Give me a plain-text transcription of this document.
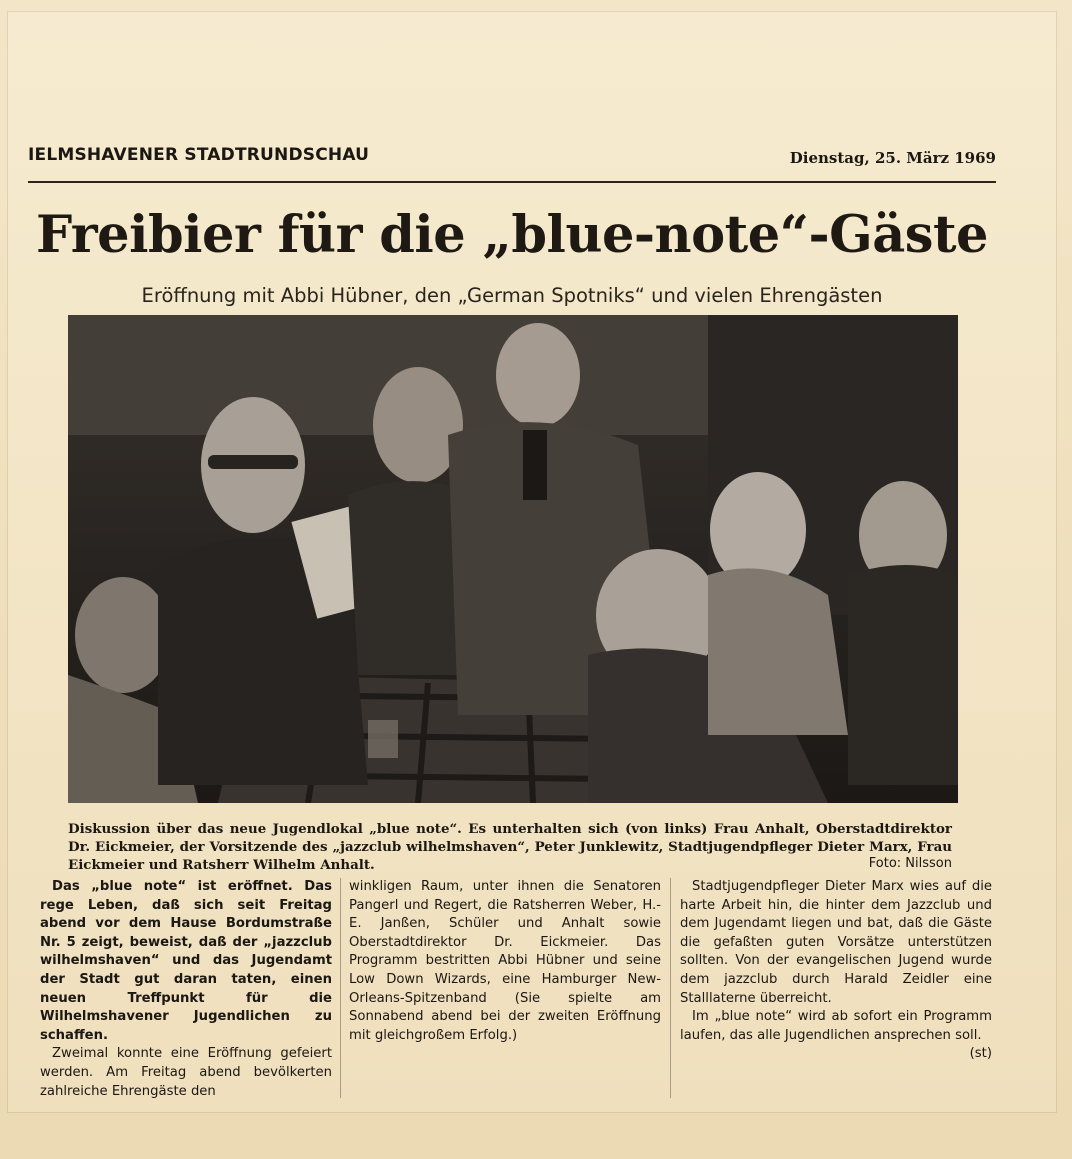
IELMSHAVENER STADTRUNDSCHAU	Dienstag, 25. März 1969
Freibier für die „blue-note“-Gäste
Eröffnung mit Abbi Hübner, den „German Spotniks“ und vielen Ehrengästen
Diskussion über das neue Jugendlokal „blue note“. Es unterhalten sich (von links) Frau Anhalt, Oberstadtdirektor Dr. Eickmeier, der Vorsitzende des „jazzclub wilhelmshaven“, Peter Junklewitz, Stadtjugendpfleger Dieter Marx, Frau Eickmeier und Ratsherr Wilhelm Anhalt.	Foto: Nilsson

Das „blue note“ ist eröffnet. Das rege Leben, daß sich seit Freitag abend vor dem Hause Bordumstraße Nr. 5 zeigt, beweist, daß der „jazzclub wilhelmshaven“ und das Jugendamt der Stadt gut daran taten, einen neuen Treffpunkt für die Wilhelmshavener Jugendlichen zu schaffen.

Zweimal konnte eine Eröffnung gefeiert werden. Am Freitag abend bevölkerten zahlreiche Ehrengäste den

winkligen Raum, unter ihnen die Senatoren Pangerl und Regert, die Ratsherren Weber, H.-E. Janßen, Schüler und Anhalt sowie Oberstadtdirektor Dr. Eickmeier. Das Programm bestritten Abbi Hübner und seine Low Down Wizards, eine Hamburger New-Orleans-Spitzenband (Sie spielte am Sonnabend abend bei der zweiten Eröffnung mit gleichgroßem Erfolg.)

Stadtjugendpfleger Dieter Marx wies auf die harte Arbeit hin, die hinter dem Jazzclub und dem Jugendamt liegen und bat, daß die Gäste die gefaßten guten Vorsätze unterstützen sollten. Von der evangelischen Jugend wurde dem jazzclub durch Harald Zeidler eine Stalllaterne überreicht.

Im „blue note“ wird ab sofort ein Programm laufen, das alle Jugendlichen ansprechen soll.
(st)
